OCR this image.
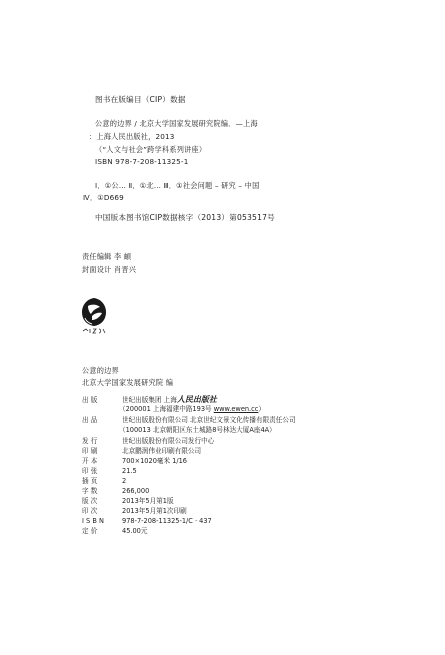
图书在版编目（CIP）数据
公意的边界 / 北京大学国家发展研究院编．—上海
：上海人民出版社，2013
（“人文与社会”跨学科系列讲座）
ISBN 978-7-208-11325-1
Ⅰ．①公… Ⅱ．①北… Ⅲ．①社会问题 – 研究 – 中国
Ⅳ．①D669
中国版本图书馆CIP数据核字（2013）第053517号
责任编辑 李 頔
封面设计 肖晋兴
公意的边界
北京大学国家发展研究院 编
出 版	世纪出版集团 上海人民出版社
（200001 上海福建中路193号 www.ewen.cc）
出 品	世纪出版股份有限公司 北京世纪文景文化传播有限责任公司
（100013 北京朝阳区东土城路8号林达大厦A座4A）
发 行	世纪出版股份有限公司发行中心
印 刷	北京鹏润伟业印刷有限公司
开 本	700×1020毫米 1/16
印 张	21.5
插 页	2
字 数	266,000
版 次	2013年5月第1版
印 次	2013年5月第1次印刷
I S B N	978-7-208-11325-1/C · 437
定 价	45.00元
